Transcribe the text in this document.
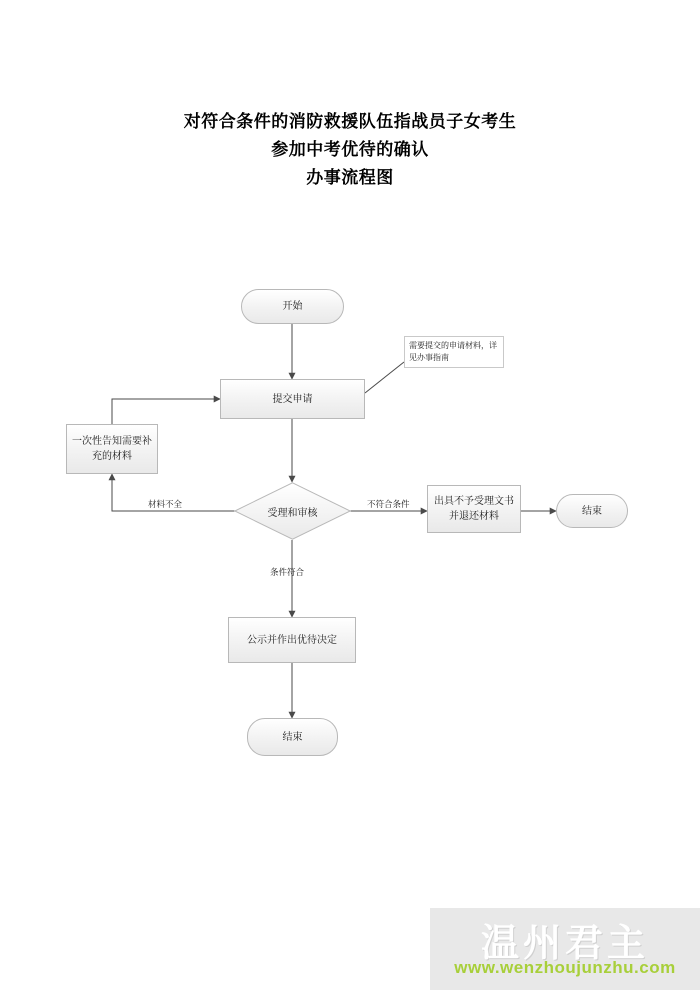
对符合条件的消防救援队伍指战员子女考生
参加中考优待的确认
办事流程图
开始
提交申请
需要提交的申请材料，详见办事指南
受理和审核
一次性告知需要补充的材料
出具不予受理文书并退还材料	结束
公示并作出优待决定
结束
材料不全	不符合条件
条件符合
温州君主
www.wenzhoujunzhu.com
